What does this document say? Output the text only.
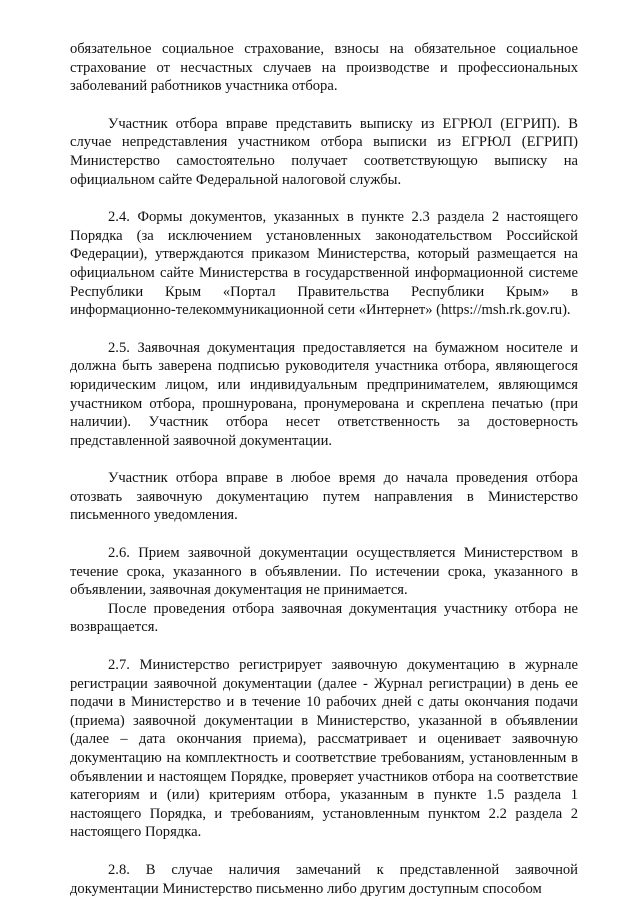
обязательное социальное страхование, взносы на обязательное социальное страхование от несчастных случаев на производстве и профессиональных заболеваний работников участника отбора.

Участник отбора вправе представить выписку из ЕГРЮЛ (ЕГРИП). В случае непредставления участником отбора выписки из ЕГРЮЛ (ЕГРИП) Министерство самостоятельно получает соответствующую выписку на официальном сайте Федеральной налоговой службы.

2.4. Формы документов, указанных в пункте 2.3 раздела 2 настоящего Порядка (за исключением установленных законодательством Российской Федерации), утверждаются приказом Министерства, который размещается на официальном сайте Министерства в государственной информационной системе Республики Крым «Портал Правительства Республики Крым» в информационно-телекоммуникационной сети «Интернет» (https://msh.rk.gov.ru).

2.5. Заявочная документация предоставляется на бумажном носителе и должна быть заверена подписью руководителя участника отбора, являющегося юридическим лицом, или индивидуальным предпринимателем, являющимся участником отбора, прошнурована, пронумерована и скреплена печатью (при наличии). Участник отбора несет ответственность за достоверность представленной заявочной документации.

Участник отбора вправе в любое время до начала проведения отбора отозвать заявочную документацию путем направления в Министерство письменного уведомления.

2.6. Прием заявочной документации осуществляется Министерством в течение срока, указанного в объявлении. По истечении срока, указанного в объявлении, заявочная документация не принимается.

После проведения отбора заявочная документация участнику отбора не возвращается.

2.7. Министерство регистрирует заявочную документацию в журнале регистрации заявочной документации (далее - Журнал регистрации) в день ее подачи в Министерство и в течение 10 рабочих дней с даты окончания подачи (приема) заявочной документации в Министерство, указанной в объявлении (далее – дата окончания приема), рассматривает и оценивает заявочную документацию на комплектность и соответствие требованиям, установленным в объявлении и настоящем Порядке, проверяет участников отбора на соответствие категориям и (или) критериям отбора, указанным в пункте 1.5 раздела 1 настоящего Порядка, и требованиям, установленным пунктом 2.2 раздела 2 настоящего Порядка.

2.8. В случае наличия замечаний к представленной заявочной документации Министерство письменно либо другим доступным способом
